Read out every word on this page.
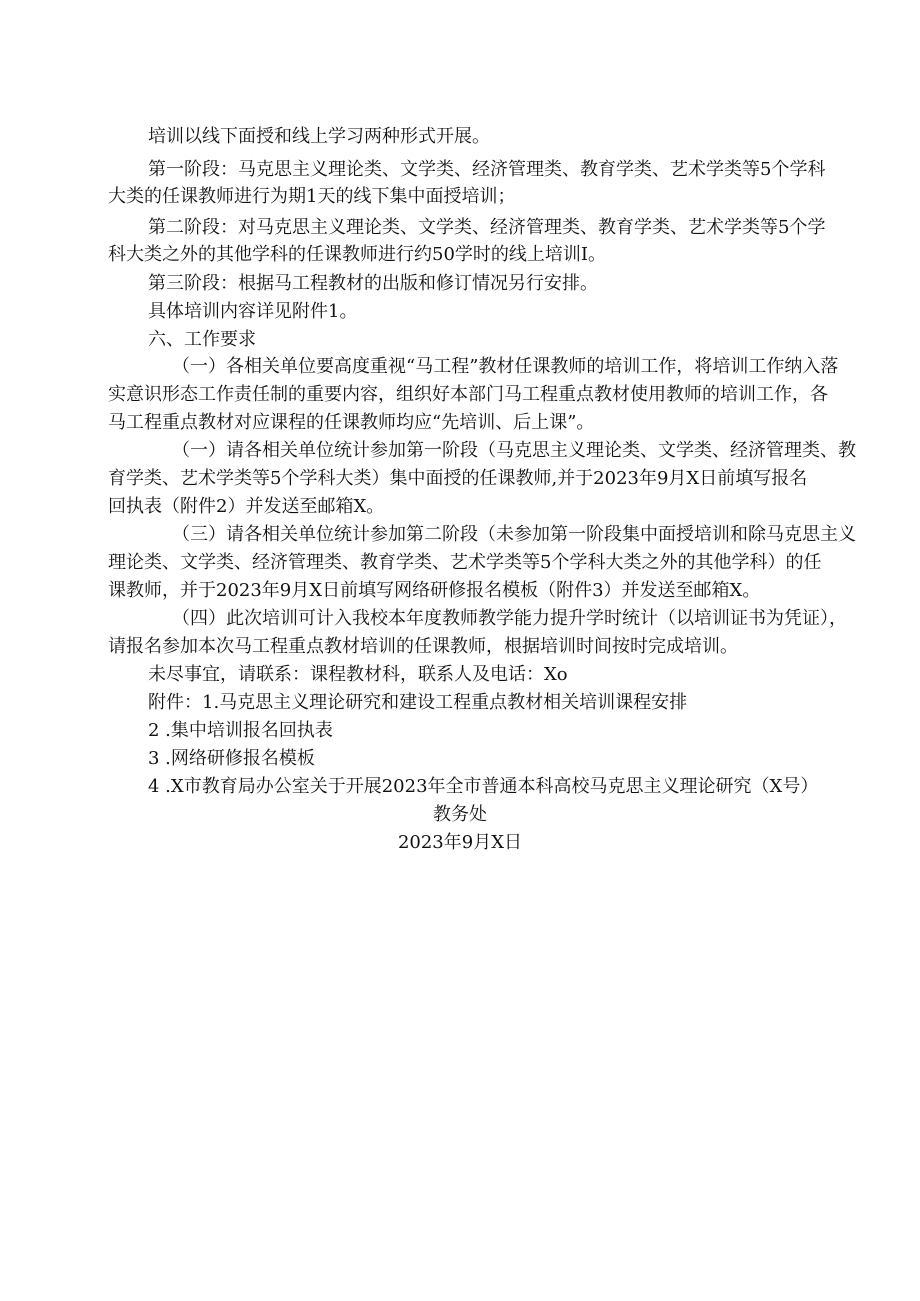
培训以线下面授和线上学习两种形式开展。
第一阶段：马克思主义理论类、文学类、经济管理类、教育学类、艺术学类等5个学科
大类的任课教师进行为期1天的线下集中面授培训；
第二阶段：对马克思主义理论类、文学类、经济管理类、教育学类、艺术学类等5个学
科大类之外的其他学科的任课教师进行约50学时的线上培训I。
第三阶段：根据马工程教材的出版和修订情况另行安排。
具体培训内容详见附件1。
六、工作要求
（一）各相关单位要高度重视“马工程”教材任课教师的培训工作，将培训工作纳入落
实意识形态工作责任制的重要内容，组织好本部门马工程重点教材使用教师的培训工作，各
马工程重点教材对应课程的任课教师均应“先培训、后上课”。
（一）请各相关单位统计参加第一阶段（马克思主义理论类、文学类、经济管理类、教
育学类、艺术学类等5个学科大类）集中面授的任课教师,并于2023年9月X日前填写报名
回执表（附件2）并发送至邮箱X。
（三）请各相关单位统计参加第二阶段（未参加第一阶段集中面授培训和除马克思主义
理论类、文学类、经济管理类、教育学类、艺术学类等5个学科大类之外的其他学科）的任
课教师，并于2023年9月X日前填写网络研修报名模板（附件3）并发送至邮箱X。
（四）此次培训可计入我校本年度教师教学能力提升学时统计（以培训证书为凭证），
请报名参加本次马工程重点教材培训的任课教师，根据培训时间按时完成培训。
未尽事宜，请联系：课程教材科，联系人及电话：Xo
附件：1.马克思主义理论研究和建设工程重点教材相关培训课程安排
2 .集中培训报名回执表
3 .网络研修报名模板
4 .X市教育局办公室关于开展2023年全市普通本科高校马克思主义理论研究（X号）
教务处
2023年9月X日
